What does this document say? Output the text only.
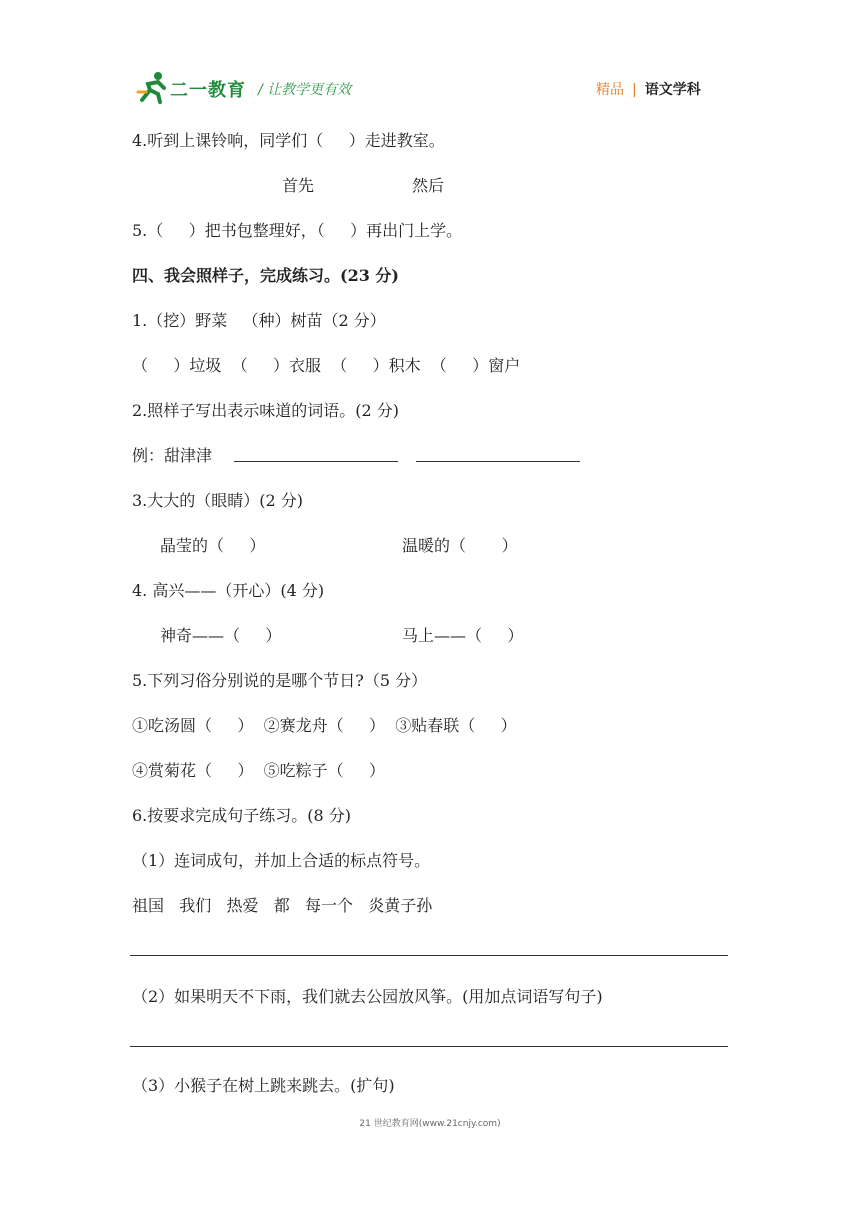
二一教育 / 让教学更有效	精品 | 语文学科
4.听到上课铃响，同学们（     ）走进教室。
首先	然后
5.（     ）把书包整理好，（     ）再出门上学。
四、我会照样子，完成练习。(23 分)
1.（挖）野菜   （种）树苗（2 分）
（     ）垃圾  （     ）衣服  （     ）积木  （     ）窗户
2.照样子写出表示味道的词语。(2 分)
例：甜津津
3.大大的（眼睛）(2 分)
晶莹的（     ）	温暖的（       ）
4. 高兴——（开心）(4 分)
神奇——（     ）	马上——（     ）
5.下列习俗分别说的是哪个节日?（5 分）
①吃汤圆（     ）  ②赛龙舟（     ）  ③贴春联（     ）
④赏菊花（     ）  ⑤吃粽子（     ）
6.按要求完成句子练习。(8 分)
（1）连词成句，并加上合适的标点符号。
祖国   我们   热爱   都   每一个   炎黄子孙
（2）如果明天不下雨，我们就去公园放风筝。(用加点词语写句子)
（3）小猴子在树上跳来跳去。(扩句)
21 世纪教育网(www.21cnjy.com)
